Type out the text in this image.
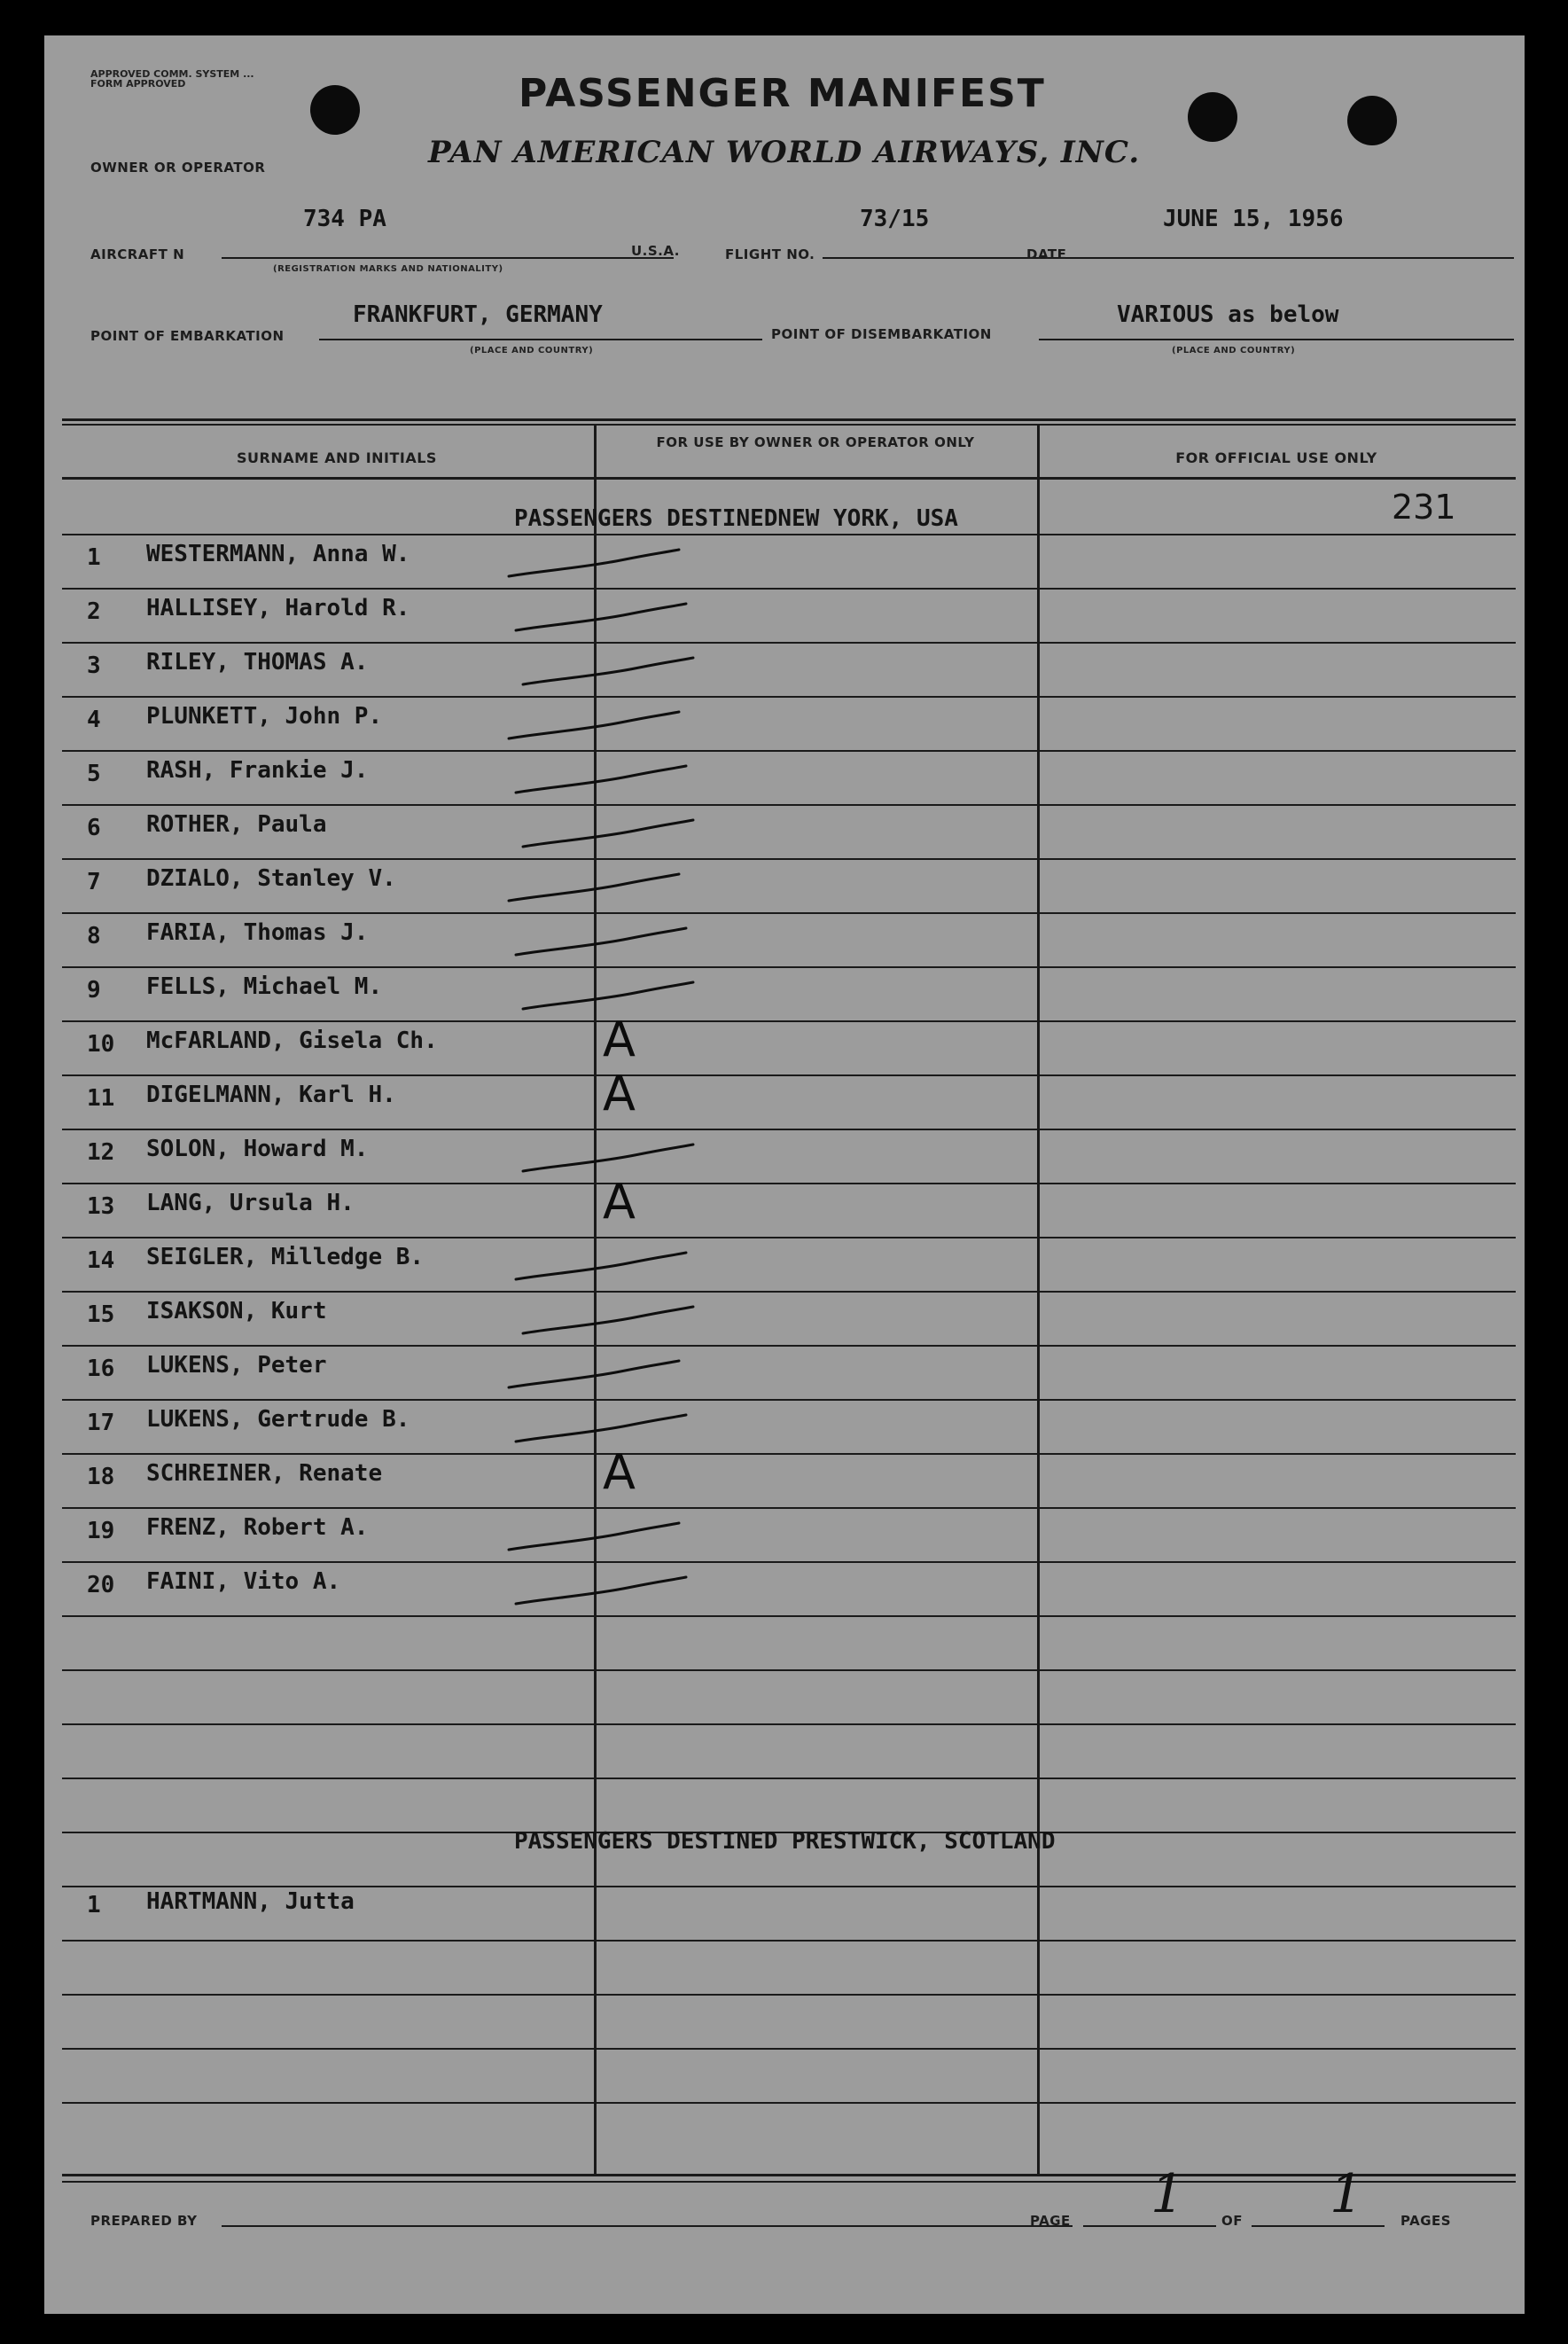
APPROVED COMM. SYSTEM ... FORM APPROVED
OWNER OR OPERATOR
PASSENGER MANIFEST
PAN AMERICAN WORLD AIRWAYS, INC.
AIRCRAFT N
734 PA
(REGISTRATION MARKS AND NATIONALITY)
U.S.A.	FLIGHT NO.
73/15
DATE
JUNE 15, 1956
POINT OF EMBARKATION
FRANKFURT, GERMANY
(PLACE AND COUNTRY)
POINT OF DISEMBARKATION
VARIOUS as below
(PLACE AND COUNTRY)
SURNAME AND INITIALS
FOR USE BY OWNER OR OPERATOR ONLY
FOR OFFICIAL USE ONLY
231
PASSENGERS DESTINEDNEW YORK, USA
PASSENGERS DESTINED PRESTWICK, SCOTLAND
1	WESTERMANN, Anna W.
2	HALLISEY, Harold R.
3	RILEY, THOMAS A.
4	PLUNKETT, John P.
5	RASH, Frankie J.
6	ROTHER, Paula
7	DZIALO, Stanley V.
8	FARIA, Thomas J.
9	FELLS, Michael M.
10	McFARLAND, Gisela Ch.	A
11	DIGELMANN, Karl H.	A
12	SOLON, Howard M.
13	LANG, Ursula H.	A
14	SEIGLER, Milledge B.
15	ISAKSON, Kurt
16	LUKENS, Peter
17	LUKENS, Gertrude B.
18	SCHREINER, Renate	A
19	FRENZ, Robert A.
20	FAINI, Vito A.
1	HARTMANN, Jutta
PREPARED BY	PAGE 1	OF 1	PAGES
